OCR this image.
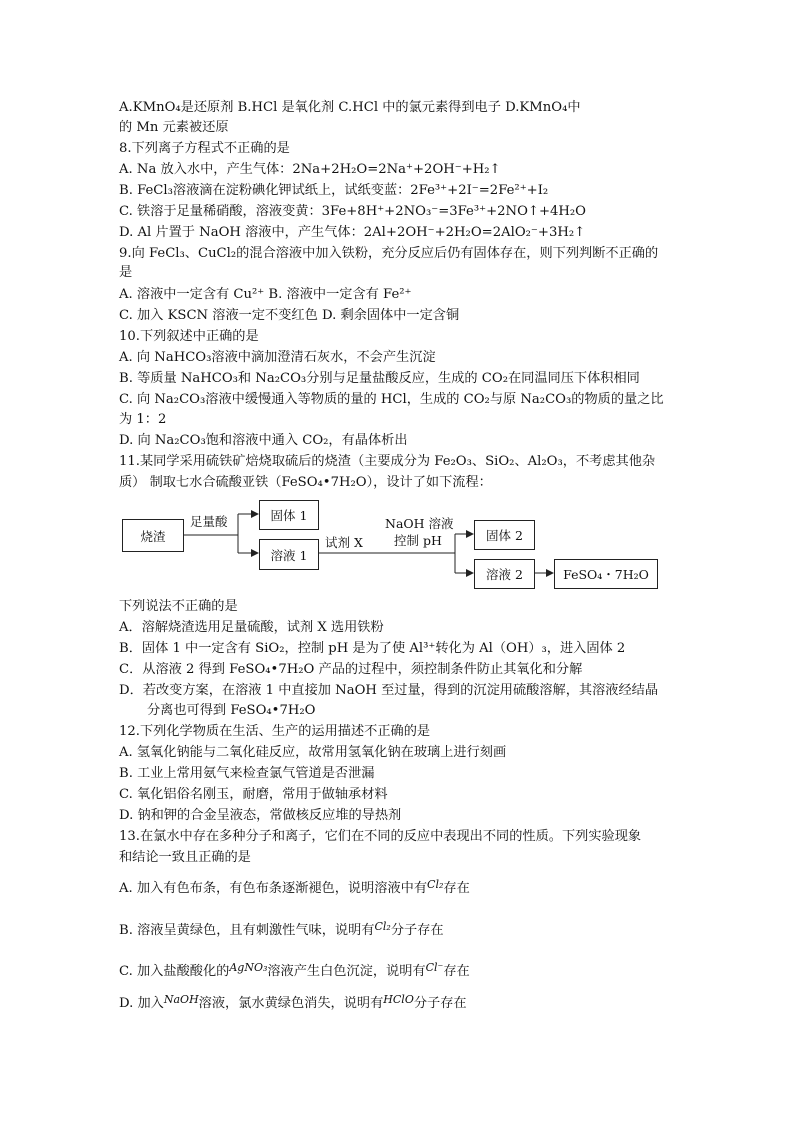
A.KMnO₄是还原剂 B.HCl 是氧化剂 C.HCl 中的氯元素得到电子 D.KMnO₄中
的 Mn 元素被还原
8.下列离子方程式不正确的是
A. Na 放入水中，产生气体：2Na+2H₂O=2Na⁺+2OH⁻+H₂↑
B. FeCl₃溶液滴在淀粉碘化钾试纸上，试纸变蓝：2Fe³⁺+2I⁻=2Fe²⁺+I₂
C. 铁溶于足量稀硝酸，溶液变黄：3Fe+8H⁺+2NO₃⁻=3Fe³⁺+2NO↑+4H₂O
D. Al 片置于 NaOH 溶液中，产生气体：2Al+2OH⁻+2H₂O=2AlO₂⁻+3H₂↑
9.向 FeCl₃、CuCl₂的混合溶液中加入铁粉，充分反应后仍有固体存在，则下列判断不正确的
是
A. 溶液中一定含有 Cu²⁺ B. 溶液中一定含有 Fe²⁺
C. 加入 KSCN 溶液一定不变红色 D. 剩余固体中一定含铜
10.下列叙述中正确的是
A. 向 NaHCO₃溶液中滴加澄清石灰水，不会产生沉淀
B. 等质量 NaHCO₃和 Na₂CO₃分别与足量盐酸反应，生成的 CO₂在同温同压下体积相同
C. 向 Na₂CO₃溶液中缓慢通入等物质的量的 HCl，生成的 CO₂与原 Na₂CO₃的物质的量之比
为 1：2
D. 向 Na₂CO₃饱和溶液中通入 CO₂，有晶体析出
11.某同学采用硫铁矿焙烧取硫后的烧渣（主要成分为 Fe₂O₃、SiO₂、Al₂O₃，不考虑其他杂
质） 制取七水合硫酸亚铁（FeSO₄•7H₂O），设计了如下流程：
下列说法不正确的是
A．溶解烧渣选用足量硫酸，试剂 X 选用铁粉
B．固体 1 中一定含有 SiO₂，控制 pH 是为了使 Al³⁺转化为 Al（OH）₃，进入固体 2
C．从溶液 2 得到 FeSO₄•7H₂O 产品的过程中，须控制条件防止其氧化和分解
D．若改变方案，在溶液 1 中直接加 NaOH 至过量，得到的沉淀用硫酸溶解，其溶液经结晶
分离也可得到 FeSO₄•7H₂O
12.下列化学物质在生活、生产的运用描述不正确的是
A. 氢氧化钠能与二氧化硅反应，故常用氢氧化钠在玻璃上进行刻画
B. 工业上常用氨气来检查氯气管道是否泄漏
C. 氧化铝俗名刚玉，耐磨，常用于做轴承材料
D. 钠和钾的合金呈液态，常做核反应堆的导热剂
13.在氯水中存在多种分子和离子，它们在不同的反应中表现出不同的性质。下列实验现象
和结论一致且正确的是
A. 加入有色布条，有色布条逐渐褪色，说明溶液中有$^{Cl_2}$存在
B. 溶液呈黄绿色，且有刺激性气味，说明有$^{Cl_2}$分子存在
C. 加入盐酸酸化的$^{AgNO_3}$溶液产生白色沉淀，说明有$^{Cl^-}$存在
D. 加入$^{NaOH}$溶液，氯水黄绿色消失，说明有$^{HClO}$分子存在
烧渣
足量酸	固体 1
溶液 1
试剂 X
NaOH 溶液
控制 pH	固体 2
溶液 2	FeSO₄・7H₂O
